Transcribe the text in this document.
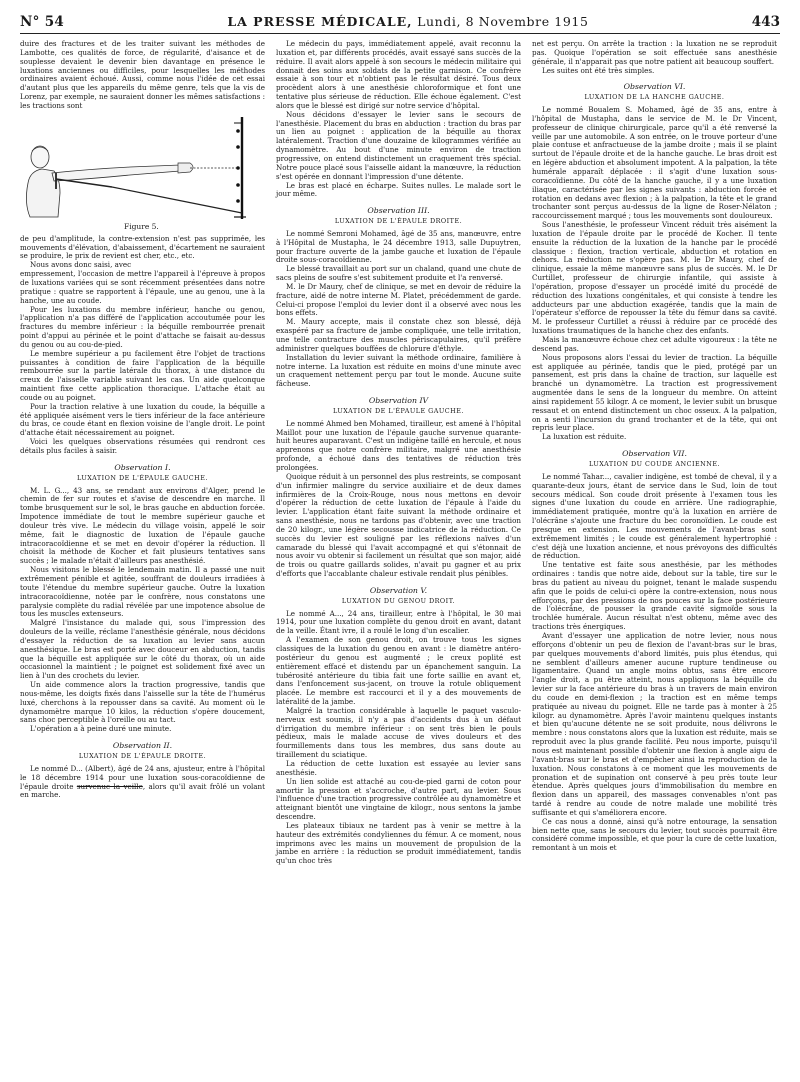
N° 54	LA PRESSE MÉDICALE, Lundi, 8 Novembre 1915	443

duire des fractures et de les traiter suivant les méthodes de Lambotte, ces qualités de force, de régularité, d'aisance et de souplesse devaient le devenir bien davantage en présence le luxations anciennes ou difficiles, pour lesquelles les méthodes ordinaires avaient échoué. Aussi, comme nous l'idée de cet essai d'autant plus que les appareils du même genre, tels que la vis de Lorenz, par exemple, ne sauraient donner les mêmes satisfactions : les tractions sont

Figure 5.

de peu d'amplitude, la contre-extension n'est pas supprimée, les mouvements d'élévation, d'abaissement, d'écartement ne sauraient se produire, le prix de revient est cher, etc., etc.

Nous avons donc saisi, avec

empressement, l'occasion de mettre l'appareil à l'épreuve à propos de luxations variées qui se sont récemment présentées dans notre pratique : quatre se rapportent à l'épaule, une au genou, une à la hanche, une au coude.

Pour les luxations du membre inférieur, hanche ou genou, l'application n'a pas différé de l'application accoutumée pour les fractures du membre inférieur : la béquille rembourrée prenait point d'appui au périnée et le point d'attache se faisait au-dessus du genou ou au cou-de-pied.

Le membre supérieur a pu facilement être l'objet de tractions puissantes à condition de faire l'application de la béquille rembourrée sur la partie latérale du thorax, à une distance du creux de l'aisselle variable suivant les cas. Un aide quelconque maintient fixe cette application thoracique. L'attache était au coude ou au poignet.

Pour la traction relative à une luxation du coude, la béquille a été appliquée aisément vers le tiers inférieur de la face antérieure du bras, ce coude étant en flexion voisine de l'angle droit. Le point d'attache était nécessairement au poignet.

Voici les quelques observations résumées qui rendront ces détails plus faciles à saisir.

Observation I.
LUXATION DE L'ÉPAULE GAUCHE.

M. L. G..., 43 ans, se rendant aux environs d'Alger, prend le chemin de fer sur routes et s'avise de descendre en marche. Il tombe brusquement sur le sol, le bras gauche en abduction forcée. Impotence immédiate de tout le membre supérieur gauche et douleur très vive. Le médecin du village voisin, appelé le soir même, fait le diagnostic de luxation de l'épaule gauche intracoracoïdienne et se met en devoir d'opérer la réduction. Il choisit la méthode de Kocher et fait plusieurs tentatives sans succès ; le malade n'était d'ailleurs pas anesthésié.

Nous visitons le blessé le lendemain matin. Il a passé une nuit extrêmement pénible et agitée, souffrant de douleurs irradiées à toute l'étendue du membre supérieur gauche. Outre la luxation intracoracoïdienne, notée par le confrère, nous constatons une paralysie complète du radial révélée par une impotence absolue de tous les muscles extenseurs.

Malgré l'insistance du malade qui, sous l'impression des douleurs de la veille, réclame l'anesthésie générale, nous décidons d'essayer la réduction de sa luxation au levier sans aucun anesthésique. Le bras est porté avec douceur en abduction, tandis que la béquille est appliquée sur le côté du thorax, où un aide occasionnel la maintient ; le poignet est solidement fixé avec un lien à l'un des crochets du levier.

Un aide commence alors la traction progressive, tandis que nous-même, les doigts fixés dans l'aisselle sur la tête de l'humérus luxé, cherchons à la repousser dans sa cavité. Au moment où le dynamomètre marque 10 kilos, la réduction s'opère doucement, sans choc perceptible à l'oreille ou au tact.

L'opération a à peine duré une minute.

Observation II.
LUXATION DE L'ÉPAULE DROITE.

Le nommé D... (Albert), âgé de 24 ans, ajusteur, entre à l'hôpital le 18 décembre 1914 pour une luxation sous-coracoïdienne de l'épaule droite survenue la veille, alors qu'il avait frôlé un volant en marche.

Le médecin du pays, immédiatement appelé, avait reconnu la luxation et, par différents procédés, avait essayé sans succès de la réduire. Il avait alors appelé à son secours le médecin militaire qui donnait des soins aux soldats de la petite garnison. Ce confrère essaie à son tour et n'obtient pas le résultat désiré. Tous deux procèdent alors à une anesthésie chloroformique et font une tentative plus sérieuse de réduction. Elle échoue également. C'est alors que le blessé est dirigé sur notre service d'hôpital.

Nous décidons d'essayer le levier sans le secours de l'anesthésie. Placement du bras en abduction : traction du bras par un lien au poignet : application de la béquille au thorax latéralement. Traction d'une douzaine de kilogrammes vérifiée au dynamomètre. Au bout d'une minute environ de traction progressive, on entend distinctement un craquement très spécial. Notre pouce placé sous l'aisselle aidant la manœuvre, la réduction s'est opérée en donnant l'impression d'une détente.

Le bras est placé en écharpe. Suites nulles. Le malade sort le jour même.

Observation III.
LUXATION DE L'ÉPAULE DROITE.

Le nommé Semroni Mohamed, âgé de 35 ans, manœuvre, entre à l'Hôpital de Mustapha, le 24 décembre 1913, salle Dupuytren, pour fracture ouverte de la jambe gauche et luxation de l'épaule droite sous-coracoïdienne.

Le blessé travaillait au port sur un chaland, quand une chute de sacs pleins de soufre s'est subitement produite et l'a renversé.

M. le Dr Maury, chef de clinique, se met en devoir de réduire la fracture, aidé de notre interne M. Platet, précédemment de garde. Celui-ci propose l'emploi du levier dont il a observé avec nous les bons effets.

M. Maury accepte, mais il constate chez son blessé, déjà exaspéré par sa fracture de jambe compliquée, une telle irritation, une telle contracture des muscles périscapulaires, qu'il préfère administrer quelques bouffées de chlorure d'éthyle.

Installation du levier suivant la méthode ordinaire, familière à notre interne. La luxation est réduite en moins d'une minute avec un craquement nettement perçu par tout le monde. Aucune suite fâcheuse.

Observation IV
LUXATION DE L'ÉPAULE GAUCHE.

Le nommé Ahmed ben Mohamed, tirailleur, est amené à l'hôpital Maillot pour une luxation de l'épaule gauche survenue quarante-huit heures auparavant. C'est un indigène taillé en hercule, et nous apprenons que notre confrère militaire, malgré une anesthésie profonde, a échoué dans des tentatives de réduction très prolongées.

Quoique réduit à un personnel des plus restreints, se composant d'un infirmier malingre du service auxiliaire et de deux dames infirmières de la Croix-Rouge, nous nous mettons en devoir d'opérer la réduction de cette luxation de l'épaule à l'aide du levier. L'application étant faite suivant la méthode ordinaire et sans anesthésie, nous ne tardons pas d'obtenir, avec une traction de 20 kilogr., une légère secousse indicatrice de la réduction. Ce succès du levier est souligné par les réflexions naïves d'un camarade du blessé qui l'avait accompagné et qui s'étonnait de nous avoir vu obtenir si facilement un résultat que son major, aidé de trois ou quatre gaillards solides, n'avait pu gagner et au prix d'efforts que l'accablante chaleur estivale rendait plus pénibles.

Observation V.
LUXATION DU GENOU DROIT.

Le nommé A..., 24 ans, tirailleur, entre à l'hôpital, le 30 mai 1914, pour une luxation complète du genou droit en avant, datant de la veille. Étant ivre, il a roulé le long d'un escalier.

A l'examen de son genou droit, on trouve tous les signes classiques de la luxation du genou en avant : le diamètre antéro-postérieur du genou est augmenté ; le creux poplité est entièrement effacé et distendu par un épanchement sanguin. La tubérosité antérieure du tibia fait une forte saillie en avant et, dans l'enfoncement sus-jacent, on trouve la rotule obliquement placée. Le membre est raccourci et il y a des mouvements de latéralité de la jambe.

Malgré la traction considérable à laquelle le paquet vasculo-nerveux est soumis, il n'y a pas d'accidents dus à un défaut d'irrigation du membre inférieur : on sent très bien le pouls pédieux, mais le malade accuse de vives douleurs et des fourmillements dans tous les membres, dus sans doute au tiraillement du sciatique.

La réduction de cette luxation est essayée au levier sans anesthésie.

Un lien solide est attaché au cou-de-pied garni de coton pour amortir la pression et s'accroche, d'autre part, au levier. Sous l'influence d'une traction progressive contrôlée au dynamomètre et atteignant bientôt une vingtaine de kilogr., nous sentons la jambe descendre.

Les plateaux tibiaux ne tardent pas à venir se mettre à la hauteur des extrémités condyliennes du fémur. A ce moment, nous imprimons avec les mains un mouvement de propulsion de la jambe en arrière : la réduction se produit immédiatement, tandis qu'un choc très

net est perçu. On arrête la traction : la luxation ne se reproduit pas. Quoique l'opération se soit effectuée sans anesthésie générale, il n'apparait pas que notre patient ait beaucoup souffert.

Les suites ont été très simples.

Observation VI.
LUXATION DE LA HANCHE GAUCHE.

Le nommé Boualem S. Mohamed, âgé de 35 ans, entre à l'hôpital de Mustapha, dans le service de M. le Dr Vincent, professeur de clinique chirurgicale, parce qu'il a été renversé la veille par une automobile. A son entrée, on le trouve porteur d'une plaie contuse et anfractueuse de la jambe droite ; mais il se plaint surtout de l'épaule droite et de la hanche gauche. Le bras droit est en légère abduction et absolument impotent. A la palpation, la tête humérale apparaît déplacée : il s'agit d'une luxation sous-coracoïdienne. Du côté de la hanche gauche, il y a une luxation iliaque, caractérisée par les signes suivants : abduction forcée et rotation en dedans avec flexion ; à la palpation, la tête et le grand trochanter sont perçus au-dessus de la ligne de Roser-Nélaton ; raccourcissement marqué ; tous les mouvements sont douloureux.

Sous l'anesthésie, le professeur Vincent réduit très aisément la luxation de l'épaule droite par le procédé de Kocher. Il tente ensuite la réduction de la luxation de la hanche par le procédé classique : flexion, traction verticale, abduction et rotation en dehors. La réduction ne s'opère pas. M. le Dr Maury, chef de clinique, essaie la même manœuvre sans plus de succès. M. le Dr Curtillet, professeur de chirurgie infantile, qui assiste à l'opération, propose d'essayer un procédé imité du procédé de réduction des luxations congénitales, et qui consiste à tendre les adducteurs par une abduction exagérée, tandis que la main de l'opérateur s'efforce de repousser la tête du fémur dans sa cavité. M. le professeur Curtillet a réussi à réduire par ce procédé des luxations traumatiques de la hanche chez des enfants.

Mais la manœuvre échoue chez cet adulte vigoureux : la tête ne descend pas.

Nous proposons alors l'essai du levier de traction. La béquille est appliquée au périnée, tandis que le pied, protégé par un pansement, est pris dans la chaîne de traction, sur laquelle est branché un dynamomètre. La traction est progressivement augmentée dans le sens de la longueur du membre. On atteint ainsi rapidement 55 kilogr. A ce moment, le levier subit un brusque ressaut et on entend distinctement un choc osseux. A la palpation, on a senti l'incursion du grand trochanter et de la tête, qui ont repris leur place.

La luxation est réduite.

Observation VII.
LUXATION DU COUDE ANCIENNE.

Le nommé Tahar..., cavalier indigène, est tombé de cheval, il y a quarante-deux jours, étant de service dans le Sud, loin de tout secours médical. Son coude droit présente à l'examen tous les signes d'une luxation du coude en arrière. Une radiographie, immédiatement pratiquée, montre qu'à la luxation en arrière de l'olécrâne s'ajoute une fracture du bec coronoïdien. Le coude est presque en extension. Les mouvements de l'avant-bras sont extrêmement limités ; le coude est généralement hypertrophié : c'est déjà une luxation ancienne, et nous prévoyons des difficultés de réduction.

Une tentative est faite sous anesthésie, par les méthodes ordinaires : tandis que notre aide, debout sur la table, tire sur le bras du patient au niveau du poignet, tenant le malade suspendu afin que le poids de celui-ci opère la contre-extension, nous nous efforçons, par des pressions de nos pouces sur la face postérieure de l'olécrâne, de pousser la grande cavité sigmoïde sous la trochlée humérale. Aucun résultat n'est obtenu, même avec des tractions très énergiques.

Avant d'essayer une application de notre levier, nous nous efforçons d'obtenir un peu de flexion de l'avant-bras sur le bras, par quelques mouvements d'abord limités, puis plus étendus, qui ne semblent d'ailleurs amener aucune rupture tendineuse ou ligamentaire. Quand un angle moins obtus, sans être encore l'angle droit, a pu être atteint, nous appliquons la béquille du levier sur la face antérieure du bras à un travers de main environ du coude en demi-flexion ; la traction est en même temps pratiquée au niveau du poignet. Elle ne tarde pas à monter à 25 kilogr. au dynamomètre. Après l'avoir maintenu quelques instants et bien qu'aucune détente ne se soit produite, nous délivrons le membre : nous constatons alors que la luxation est réduite, mais se reproduit avec la plus grande facilité. Peu nous importe, puisqu'il nous est maintenant possible d'obtenir une flexion à angle aigu de l'avant-bras sur le bras et d'empêcher ainsi la reproduction de la luxation. Nous constatons à ce moment que les mouvements de pronation et de supination ont conservé à peu près toute leur étendue. Après quelques jours d'immobilisation du membre en flexion dans un appareil, des massages convenables n'ont pas tardé à rendre au coude de notre malade une mobilité très suffisante et qui s'améliorera encore.

Ce cas nous a donné, ainsi qu'à notre entourage, la sensation bien nette que, sans le secours du levier, tout succès pourrait être considéré comme impossible, et que pour la cure de cette luxation, remontant à un mois et
